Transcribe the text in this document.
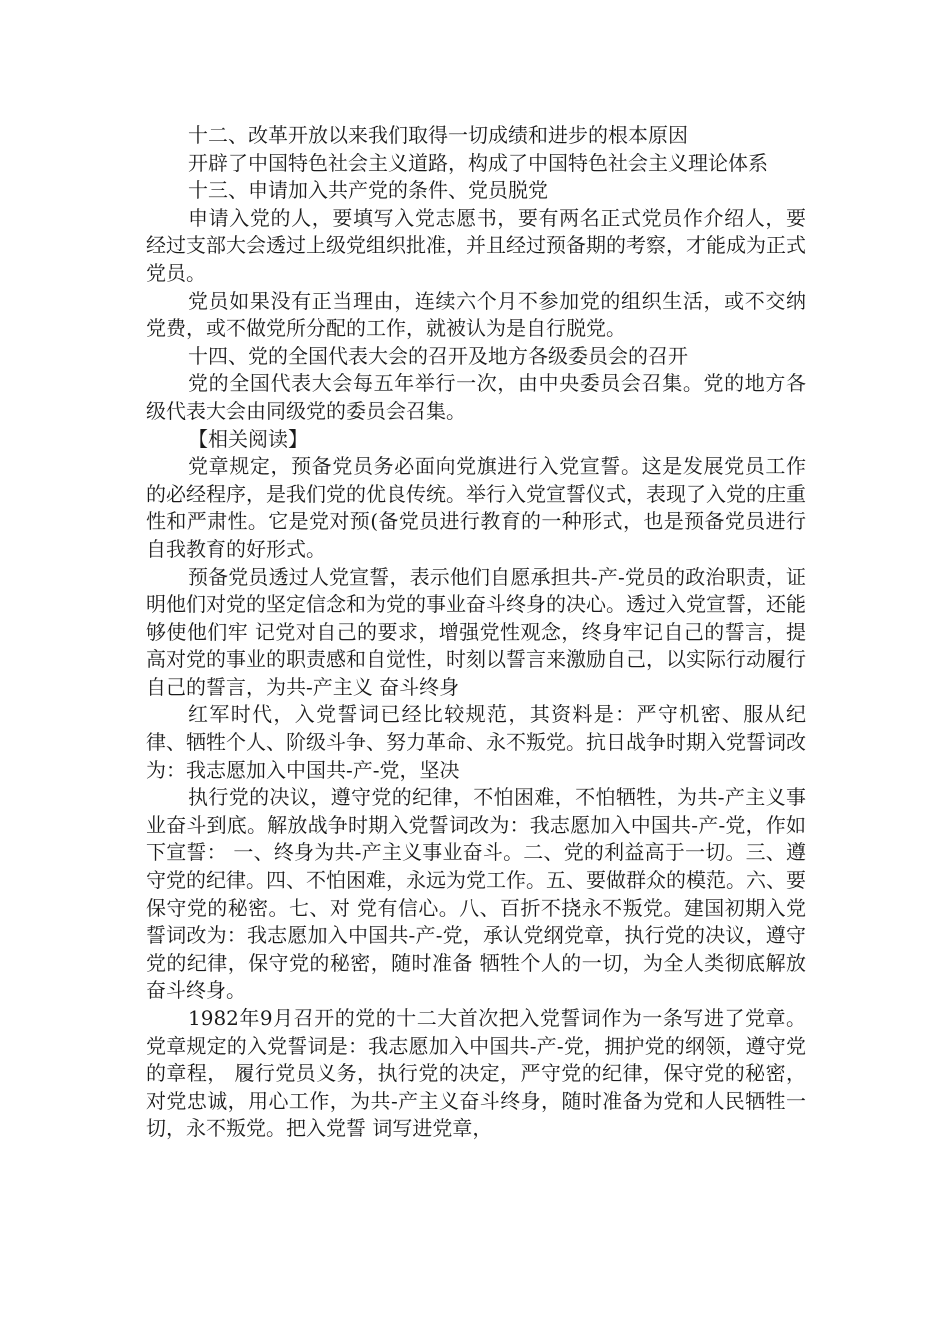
十二、改革开放以来我们取得一切成绩和进步的根本原因

开辟了中国特色社会主义道路，构成了中国特色社会主义理论体系

十三、申请加入共产党的条件、党员脱党

申请入党的人，要填写入党志愿书，要有两名正式党员作介绍人，要经过支部大会透过上级党组织批准，并且经过预备期的考察，才能成为正式党员。

党员如果没有正当理由，连续六个月不参加党的组织生活，或不交纳党费，或不做党所分配的工作，就被认为是自行脱党。

十四、党的全国代表大会的召开及地方各级委员会的召开

党的全国代表大会每五年举行一次，由中央委员会召集。党的地方各级代表大会由同级党的委员会召集。

【相关阅读】

党章规定，预备党员务必面向党旗进行入党宣誓。这是发展党员工作的必经程序，是我们党的优良传统。举行入党宣誓仪式，表现了入党的庄重性和严肃性。它是党对预(备党员进行教育的一种形式，也是预备党员进行自我教育的好形式。

预备党员透过人党宣誓，表示他们自愿承担共-产-党员的政治职责，证明他们对党的坚定信念和为党的事业奋斗终身的决心。透过入党宣誓，还能够使他们牢 记党对自己的要求，增强党性观念，终身牢记自己的誓言，提高对党的事业的职责感和自觉性，时刻以誓言来激励自己，以实际行动履行自己的誓言，为共-产主义 奋斗终身

红军时代，入党誓词已经比较规范，其资料是：严守机密、服从纪律、牺牲个人、阶级斗争、努力革命、永不叛党。抗日战争时期入党誓词改为：我志愿加入中国共-产-党，坚决

执行党的决议，遵守党的纪律，不怕困难，不怕牺牲，为共-产主义事业奋斗到底。解放战争时期入党誓词改为：我志愿加入中国共-产-党，作如下宣誓： 一、终身为共-产主义事业奋斗。二、党的利益高于一切。三、遵守党的纪律。四、不怕困难，永远为党工作。五、要做群众的模范。六、要保守党的秘密。七、对 党有信心。八、百折不挠永不叛党。建国初期入党誓词改为：我志愿加入中国共-产-党，承认党纲党章，执行党的决议，遵守党的纪律，保守党的秘密，随时准备 牺牲个人的一切，为全人类彻底解放奋斗终身。

1982年9月召开的党的十二大首次把入党誓词作为一条写进了党章。党章规定的入党誓词是：我志愿加入中国共-产-党，拥护党的纲领，遵守党的章程， 履行党员义务，执行党的决定，严守党的纪律，保守党的秘密，对党忠诚，用心工作，为共-产主义奋斗终身，随时准备为党和人民牺牲一切，永不叛党。把入党誓 词写进党章，
